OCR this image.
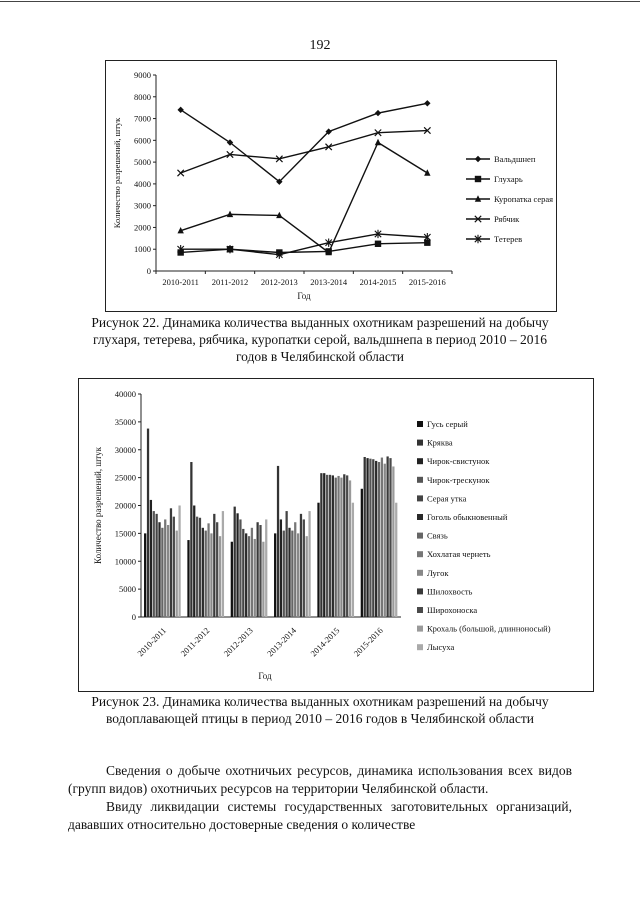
192
0
1000
2000
3000
4000
5000
6000
7000
8000
9000
2010-2011 2011-2012 2012-2013 2013-2014 2014-2015 2015-2016
Год
Количество разрешений, штук	Вальдшнеп
Глухарь
Куропатка серая
Рябчик
Тетерев
Рисунок 22. Динамика количества выданных охотникам разрешений на добычу глухаря, тетерева, рябчика, куропатки серой, вальдшнепа в период 2010 – 2016 годов в Челябинской области
0
5000
10000
15000
20000
25000
30000
35000
40000
Количество разрешений, штук
2010-2011 2011-2012 2012-2013 2013-2014 2014-2015 2015-2016
Год
Гусь серый
Кряква
Чирок-свистунок
Чирок-трескунок
Серая утка
Гоголь обыкновенный
Связь
Хохлатая чернеть
Лугок
Шилохвость
Широхоноска
Крохаль (большой, длинноносый)
Лысуха
Рисунок 23. Динамика количества выданных охотникам разрешений на добычу водоплавающей птицы в период 2010 – 2016 годов в Челябинской области

Сведения о добыче охотничьих ресурсов, динамика использования всех видов (групп видов) охотничьих ресурсов на территории Челябинской области.

Ввиду ликвидации системы государственных заготовительных организаций, дававших относительно достоверные сведения о количестве
